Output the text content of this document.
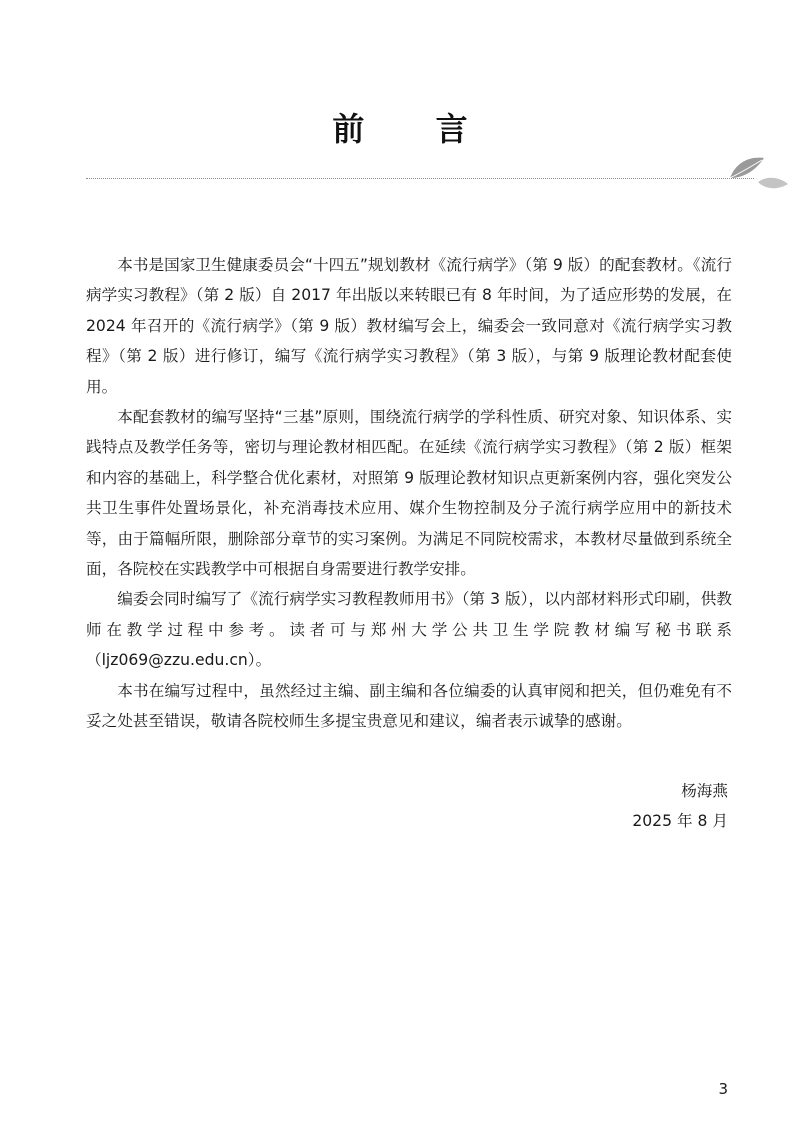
前 言

本书是国家卫生健康委员会“十四五”规划教材《流行病学》（第 9 版）的配套教材。《流行病学实习教程》（第 2 版）自 2017 年出版以来转眼已有 8 年时间，为了适应形势的发展，在 2024 年召开的《流行病学》（第 9 版）教材编写会上，编委会一致同意对《流行病学实习教程》（第 2 版）进行修订，编写《流行病学实习教程》（第 3 版），与第 9 版理论教材配套使用。

本配套教材的编写坚持“三基”原则，围绕流行病学的学科性质、研究对象、知识体系、实践特点及教学任务等，密切与理论教材相匹配。在延续《流行病学实习教程》（第 2 版）框架和内容的基础上，科学整合优化素材，对照第 9 版理论教材知识点更新案例内容，强化突发公共卫生事件处置场景化，补充消毒技术应用、媒介生物控制及分子流行病学应用中的新技术等，由于篇幅所限，删除部分章节的实习案例。为满足不同院校需求，本教材尽量做到系统全面，各院校在实践教学中可根据自身需要进行教学安排。

编委会同时编写了《流行病学实习教程教师用书》（第 3 版），以内部材料形式印刷，供教师在教学过程中参考。读者可与郑州大学公共卫生学院教材编写秘书联系（ljz069@zzu.edu.cn）。

本书在编写过程中，虽然经过主编、副主编和各位编委的认真审阅和把关，但仍难免有不妥之处甚至错误，敬请各院校师生多提宝贵意见和建议，编者表示诚挚的感谢。

杨海燕
2025 年 8 月
3
